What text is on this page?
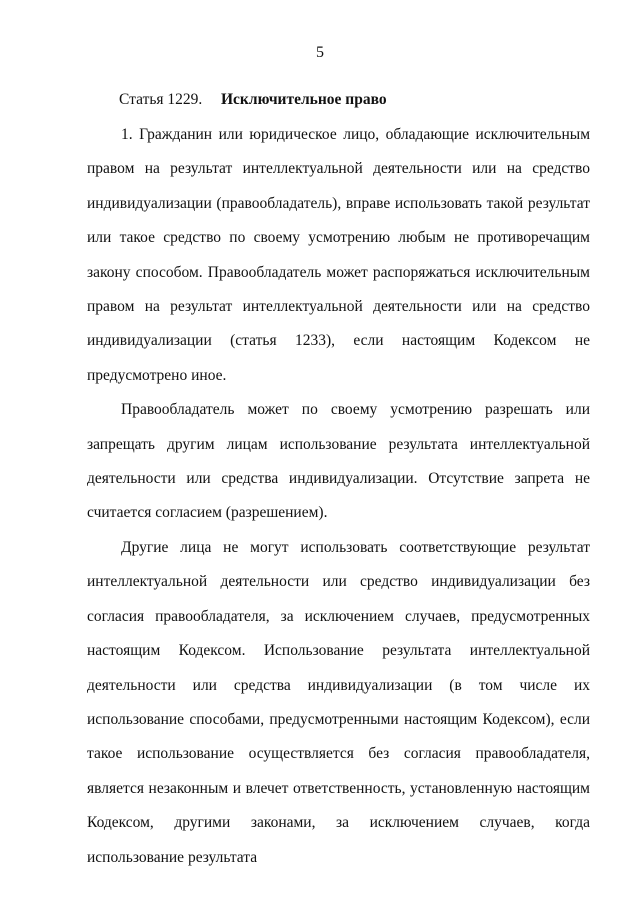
5
Статья 1229. Исключительное право

1. Гражданин или юридическое лицо, обладающие исключительным правом на результат интеллектуальной деятельности или на средство индивидуализации (правообладатель), вправе использовать такой результат или такое средство по своему усмотрению любым не противоречащим закону способом. Правообладатель может распоряжаться исключительным правом на результат интеллектуальной деятельности или на средство индивидуализации (статья 1233), если настоящим Кодексом не предусмотрено иное.

Правообладатель может по своему усмотрению разрешать или запрещать другим лицам использование результата интеллектуальной деятельности или средства индивидуализации. Отсутствие запрета не считается согласием (разрешением).

Другие лица не могут использовать соответствующие результат интеллектуальной деятельности или средство индивидуализации без согласия правообладателя, за исключением случаев, предусмотренных настоящим Кодексом. Использование результата интеллектуальной деятельности или средства индивидуализации (в том числе их использование способами, предусмотренными настоящим Кодексом), если такое использование осуществляется без согласия правообладателя, является незаконным и влечет ответственность, установленную настоящим Кодексом, другими законами, за исключением случаев, когда использование результата
